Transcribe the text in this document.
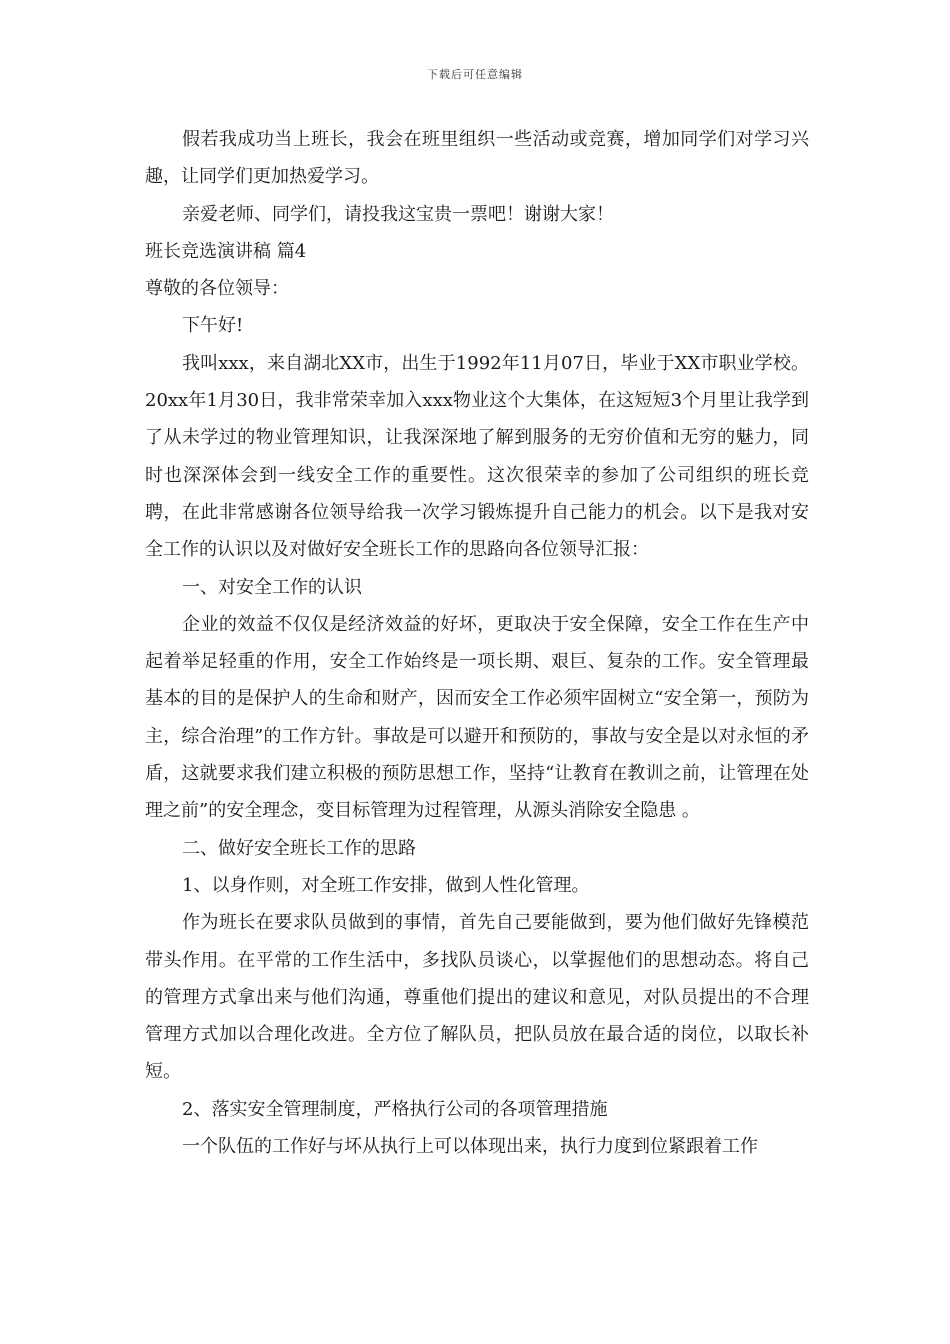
下载后可任意编辑

假若我成功当上班长，我会在班里组织一些活动或竞赛，增加同学们对学习兴趣，让同学们更加热爱学习。

亲爱老师、同学们，请投我这宝贵一票吧！谢谢大家！

班长竞选演讲稿 篇4

尊敬的各位领导：

下午好!

我叫xxx，来自湖北XX市，出生于1992年11月07日，毕业于XX市职业学校。20xx年1月30日，我非常荣幸加入xxx物业这个大集体，在这短短3个月里让我学到了从未学过的物业管理知识，让我深深地了解到服务的无穷价值和无穷的魅力，同时也深深体会到一线安全工作的重要性。这次很荣幸的参加了公司组织的班长竞聘，在此非常感谢各位领导给我一次学习锻炼提升自己能力的机会。以下是我对安全工作的认识以及对做好安全班长工作的思路向各位领导汇报：

一、对安全工作的认识

企业的效益不仅仅是经济效益的好坏，更取决于安全保障，安全工作在生产中起着举足轻重的作用，安全工作始终是一项长期、艰巨、复杂的工作。安全管理最基本的目的是保护人的生命和财产，因而安全工作必须牢固树立“安全第一，预防为主，综合治理”的工作方针。事故是可以避开和预防的，事故与安全是以对永恒的矛盾，这就要求我们建立积极的预防思想工作，坚持“让教育在教训之前，让管理在处理之前”的安全理念，变目标管理为过程管理，从源头消除安全隐患 。

二、做好安全班长工作的思路

1、以身作则，对全班工作安排，做到人性化管理。

作为班长在要求队员做到的事情，首先自己要能做到，要为他们做好先锋模范带头作用。在平常的工作生活中，多找队员谈心，以掌握他们的思想动态。将自己的管理方式拿出来与他们沟通，尊重他们提出的建议和意见，对队员提出的不合理管理方式加以合理化改进。全方位了解队员，把队员放在最合适的岗位，以取长补短。

2、落实安全管理制度，严格执行公司的各项管理措施

一个队伍的工作好与坏从执行上可以体现出来，执行力度到位紧跟着工作
